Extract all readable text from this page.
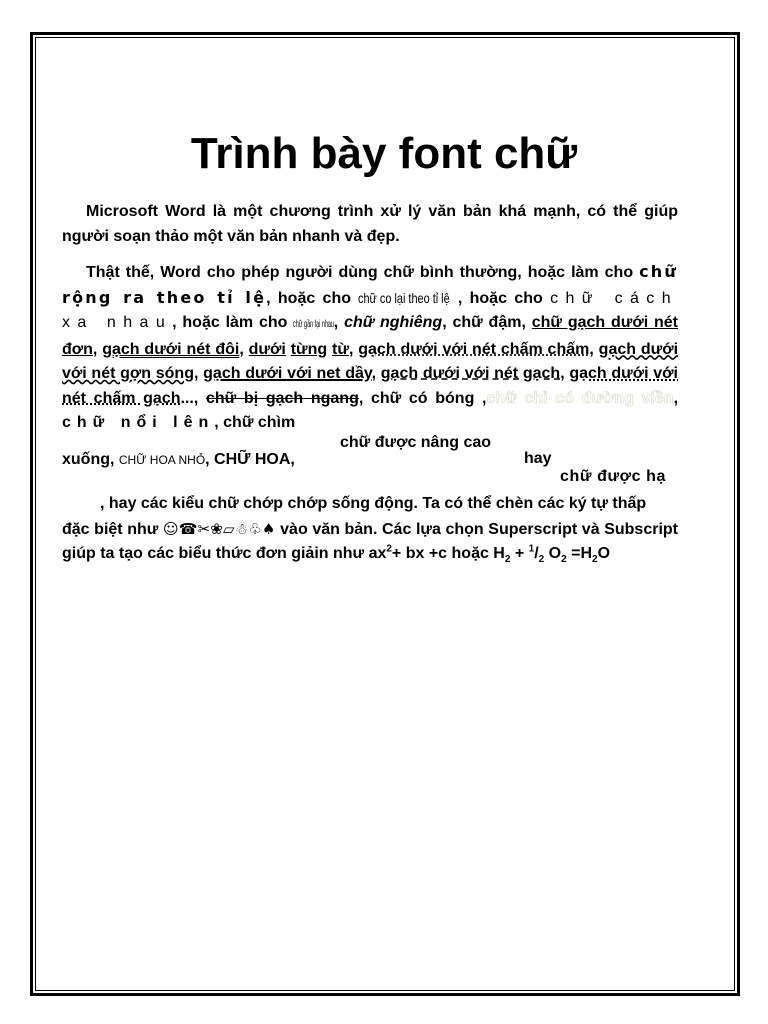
Trình bày font chữ

Microsoft Word là một chương trình xử lý văn bản khá mạnh, có thể giúp người soạn thảo một văn bản nhanh và đẹp.

Thật thế, Word cho phép người dùng chữ bình thường, hoặc làm cho chữ rộng ra theo tỉ lệ, hoặc cho chữ co lại theo tỉ lệ , hoặc cho chữ cách xa nhau, hoặc làm cho chữ gần lại nhau, chữ nghiêng, chữ đậm, chữ gạch dưới nét đơn, gạch dưới nét đôi, dưới từng từ, gạch dưới với nét chấm chấm, gạch dưới với nét gợn sóng, gạch dưới với net dầy, gạch dưới với nét gạch, gạch dưới với nét chấm gạch..., chữ bị gạch ngang, chữ có bóng ,chữ chỉ có đường viền, chữ nổi lên, chữ chìm

chữ được nâng cao
xuống, CHỮ HOA NHỎ, CHỮ HOA,	hay
chữ được hạ

, hay các kiểu chữ chớp chớp sống động. Ta có thể chèn các ký tự thấp
đặc biệt như ☺☎✂❀▱☃♧♠ vào văn bản. Các lựa chọn Superscript và Subscript giúp ta tạo các biểu thức đơn giảin như $ax^2+$ bx +c hoặc $H_2 + ^1/_2$ $O_2 =H_2O$
